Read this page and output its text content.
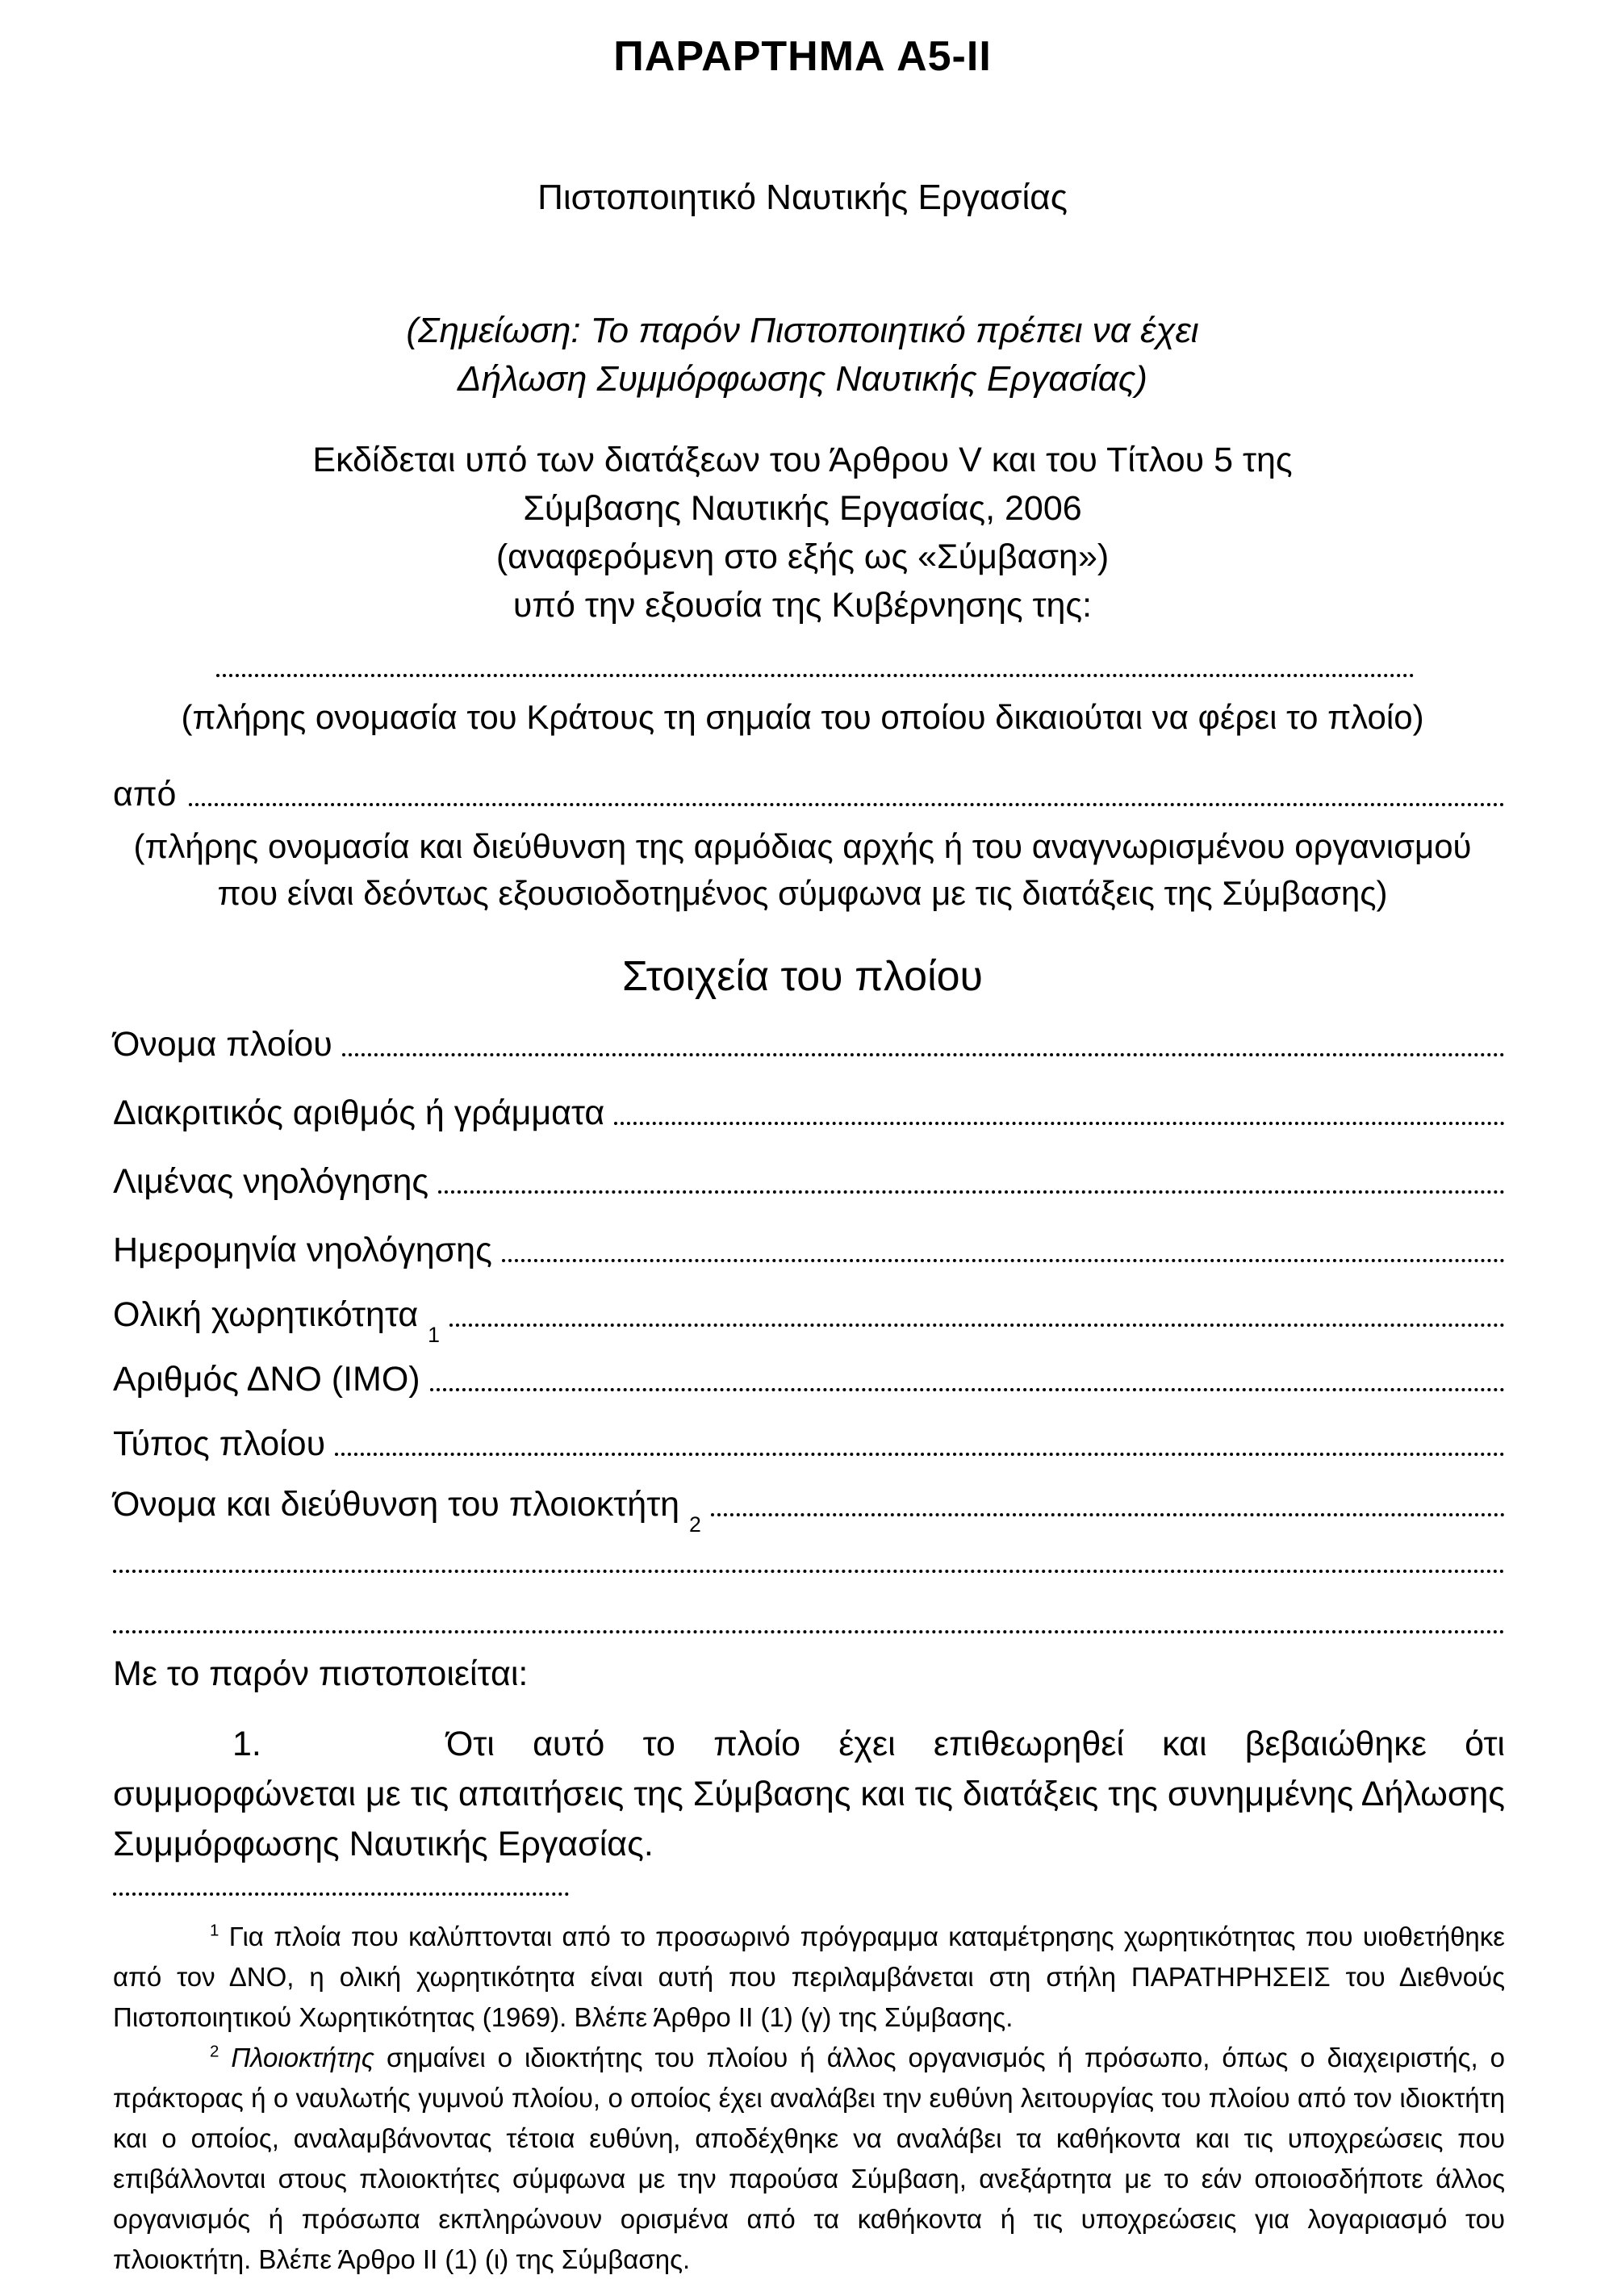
ΠΑΡΑΡΤΗΜΑ Α5-ΙΙ
Πιστοποιητικό Ναυτικής Εργασίας
(Σημείωση: Το παρόν Πιστοποιητικό πρέπει να έχει
Δήλωση Συμμόρφωσης Ναυτικής Εργασίας)
Εκδίδεται υπό των διατάξεων του Άρθρου V και του Τίτλου 5 της
Σύμβασης Ναυτικής Εργασίας, 2006
(αναφερόμενη στο εξής ως «Σύμβαση»)
υπό την εξουσία της Κυβέρνησης της:
(πλήρης ονομασία του Κράτους τη σημαία του οποίου δικαιούται να φέρει το πλοίο)
από
(πλήρης ονομασία και διεύθυνση της αρμόδιας αρχής ή του αναγνωρισμένου οργανισμού
που είναι δεόντως εξουσιοδοτημένος σύμφωνα με τις διατάξεις της Σύμβασης)
Στοιχεία του πλοίου
Όνομα πλοίου
Διακριτικός αριθμός ή γράμματα
Λιμένας νηολόγησης
Ημερομηνία νηολόγησης
Ολική χωρητικότητα

1
Αριθμός ΔΝΟ (ΙΜΟ)
Τύπος πλοίου
Όνομα και διεύθυνση του πλοιοκτήτη

2
Με το παρόν πιστοποιείται:
1.	Ότι αυτό το πλοίο έχει επιθεωρηθεί και βεβαιώθηκε ότι συμμορφώνεται με τις απαιτήσεις της Σύμβασης και τις διατάξεις της συνημμένης Δήλωσης Συμμόρφωσης Ναυτικής Εργασίας.

$^1$ Για πλοία που καλύπτονται από το προσωρινό πρόγραμμα καταμέτρησης χωρητικότητας που υιοθετήθηκε από τον ΔΝΟ, η ολική χωρητικότητα είναι αυτή που περιλαμβάνεται στη στήλη ΠΑΡΑΤΗΡΗΣΕΙΣ του Διεθνούς Πιστοποιητικού Χωρητικότητας (1969). Βλέπε Άρθρο ΙΙ (1) (γ) της Σύμβασης.

$^2$ Πλοιοκτήτης σημαίνει ο ιδιοκτήτης του πλοίου ή άλλος οργανισμός ή πρόσωπο, όπως ο διαχειριστής, ο πράκτορας ή ο ναυλωτής γυμνού πλοίου, ο οποίος έχει αναλάβει την ευθύνη λειτουργίας του πλοίου από τον ιδιοκτήτη και ο οποίος, αναλαμβάνοντας τέτοια ευθύνη, αποδέχθηκε να αναλάβει τα καθήκοντα και τις υποχρεώσεις που επιβάλλονται στους πλοιοκτήτες σύμφωνα με την παρούσα Σύμβαση, ανεξάρτητα με το εάν οποιοσδήποτε άλλος οργανισμός ή πρόσωπα εκπληρώνουν ορισμένα από τα καθήκοντα ή τις υποχρεώσεις για λογαριασμό του πλοιοκτήτη. Βλέπε Άρθρο ΙΙ (1) (ι) της Σύμβασης.
